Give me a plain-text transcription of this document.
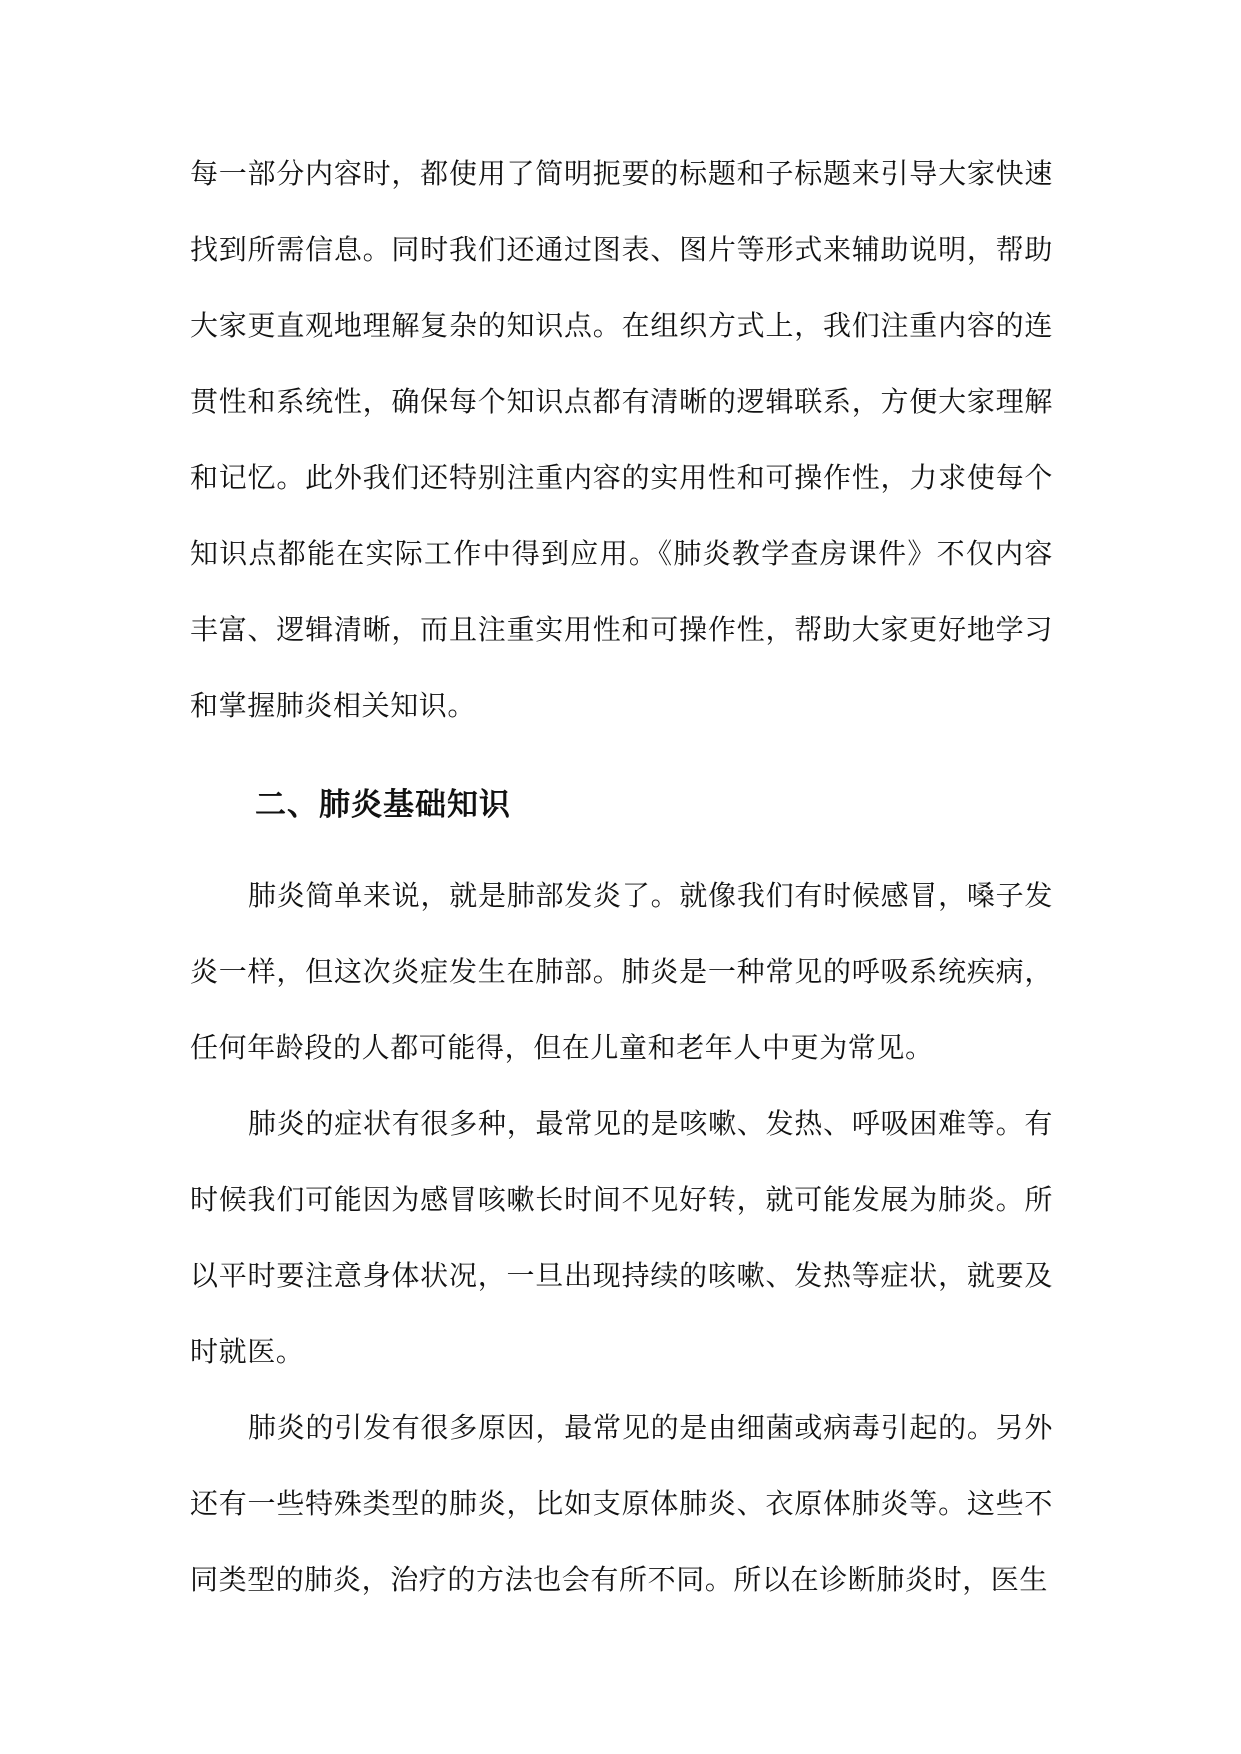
每一部分内容时，都使用了简明扼要的标题和子标题来引导大家快速找到所需信息。同时我们还通过图表、图片等形式来辅助说明，帮助大家更直观地理解复杂的知识点。在组织方式上，我们注重内容的连贯性和系统性，确保每个知识点都有清晰的逻辑联系，方便大家理解和记忆。此外我们还特别注重内容的实用性和可操作性，力求使每个知识点都能在实际工作中得到应用。《肺炎教学查房课件》不仅内容丰富、逻辑清晰，而且注重实用性和可操作性，帮助大家更好地学习和掌握肺炎相关知识。

二、肺炎基础知识

肺炎简单来说，就是肺部发炎了。就像我们有时候感冒，嗓子发炎一样，但这次炎症发生在肺部。肺炎是一种常见的呼吸系统疾病，任何年龄段的人都可能得，但在儿童和老年人中更为常见。

肺炎的症状有很多种，最常见的是咳嗽、发热、呼吸困难等。有时候我们可能因为感冒咳嗽长时间不见好转，就可能发展为肺炎。所以平时要注意身体状况，一旦出现持续的咳嗽、发热等症状，就要及时就医。

肺炎的引发有很多原因，最常见的是由细菌或病毒引起的。另外还有一些特殊类型的肺炎，比如支原体肺炎、衣原体肺炎等。这些不同类型的肺炎，治疗的方法也会有所不同。所以在诊断肺炎时，医生
